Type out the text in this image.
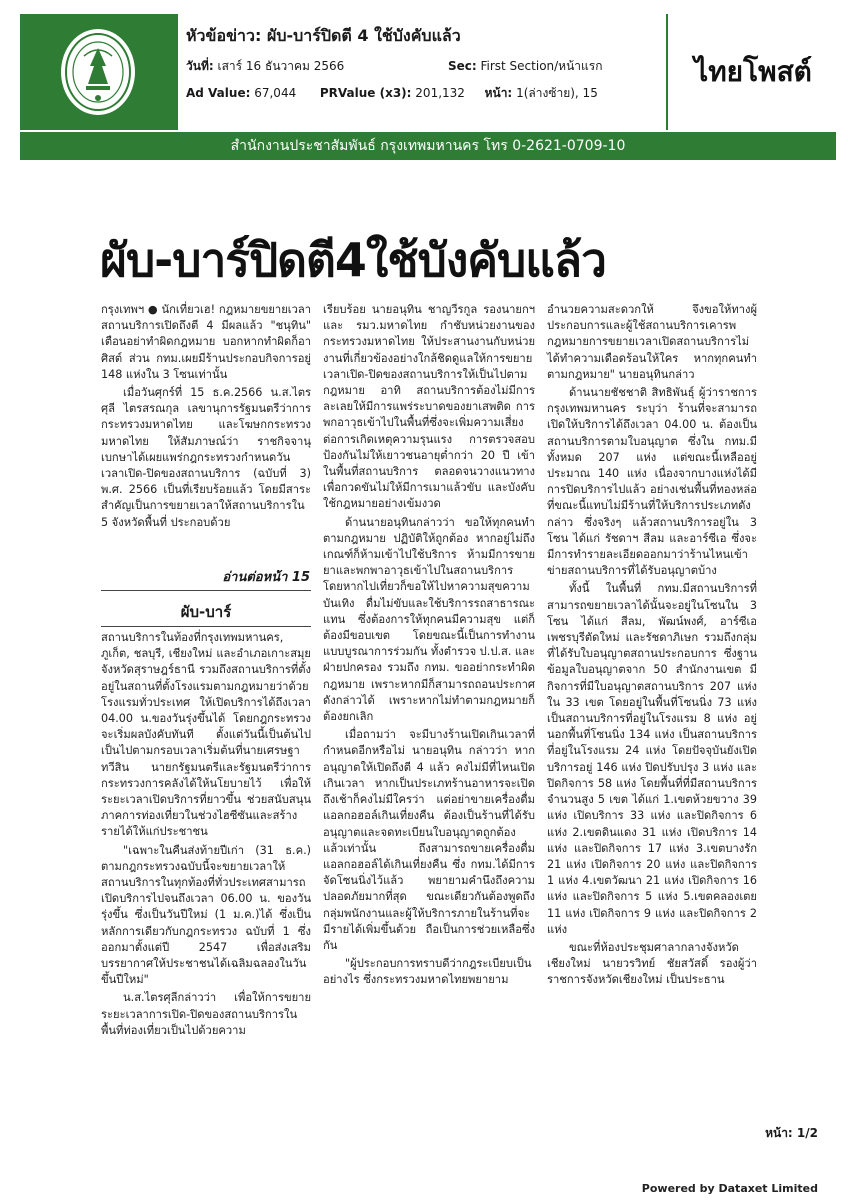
หัวข้อข่าว: ผับ-บาร์ปิดตี 4 ใช้บังคับแล้ว
วันที่: เสาร์ 16 ธันวาคม 2566	Sec: First Section/หน้าแรก
Ad Value: 67,044 PRValue (x3): 201,132 หน้า: 1(ล่างซ้าย), 15
ไทยโพสต์
สำนักงานประชาสัมพันธ์ กรุงเทพมหานคร โทร 0-2621-0709-10
ผับ-บาร์ปิดตี4ใช้บังคับแล้ว

กรุงเทพฯ ● นักเที่ยวเฮ! กฎหมายขยายเวลาสถานบริการเปิดถึงตี 4 มีผลแล้ว "ชนุทิน" เตือนอย่าทำผิดกฎหมาย บอกหากทำผิดก็อาศิสต์ ส่วน กทม.เผยมีร้านประกอบกิจการอยู่ 148 แห่งใน 3 โซนเท่านั้น

เมื่อวันศุกร์ที่ 15 ธ.ค.2566 น.ส.ไตรศุลี ไตรสรณกุล เลขานุการรัฐมนตรีว่าการกระทรวงมหาดไทย และโฆษกกระทรวงมหาดไทย ให้สัมภาษณ์ว่า ราชกิจจานุเบกษาได้เผยแพร่กฎกระทรวงกำหนดวันเวลาเปิด-ปิดของสถานบริการ (ฉบับที่ 3) พ.ศ. 2566 เป็นที่เรียบร้อยแล้ว โดยมีสาระสำคัญเป็นการขยายเวลาให้สถานบริการใน 5 จังหวัดพื้นที่ ประกอบด้วย

อ่านต่อหน้า 15
ผับ-บาร์

สถานบริการในท้องที่กรุงเทพมหานคร, ภูเก็ต, ชลบุรี, เชียงใหม่ และอำเภอเกาะสมุย จังหวัดสุราษฎร์ธานี รวมถึงสถานบริการที่ตั้งอยู่ในสถานที่ตั้งโรงแรมตามกฎหมายว่าด้วยโรงแรมทั่วประเทศ ให้เปิดบริการได้ถึงเวลา 04.00 น.ของวันรุ่งขึ้นได้ โดยกฎกระทรวงจะเริ่มผลบังคับทันที ตั้งแต่วันนี้เป็นต้นไป เป็นไปตามกรอบเวลาเริ่มต้นที่นายเศรษฐา ทวีสิน นายกรัฐมนตรีและรัฐมนตรีว่าการกระทรวงการคลังได้ให้นโยบายไว้ เพื่อให้ระยะเวลาเปิดบริการที่ยาวขึ้น ช่วยสนับสนุนภาคการท่องเที่ยวในช่วงไฮซีซันและสร้างรายได้ให้แก่ประชาชน

"เฉพาะในคืนส่งท้ายปีเก่า (31 ธ.ค.) ตามกฎกระทรวงฉบับนี้จะขยายเวลาให้สถานบริการในทุกท้องที่ทั่วประเทศสามารถเปิดบริการไปจนถึงเวลา 06.00 น. ของวันรุ่งขึ้น ซึ่งเป็นวันปีใหม่ (1 ม.ค.)ได้ ซึ่งเป็นหลักการเดียวกับกฎกระทรวง ฉบับที่ 1 ซึ่งออกมาตั้งแต่ปี 2547 เพื่อส่งเสริมบรรยากาศให้ประชาชนได้เฉลิมฉลองในวันขึ้นปีใหม่"

น.ส.ไตรศุลีกล่าวว่า เพื่อให้การขยายระยะเวลาการเปิด-ปิดของสถานบริการในพื้นที่ท่องเที่ยวเป็นไปด้วยความ

เรียบร้อย นายอนุทิน ชาญวีรกูล รองนายกฯ และ รมว.มหาดไทย กำชับหน่วยงานของกระทรวงมหาดไทย ให้ประสานงานกับหน่วยงานที่เกี่ยวข้องอย่างใกล้ชิดดูแลให้การขยายเวลาเปิด-ปิดของสถานบริการให้เป็นไปตามกฎหมาย อาทิ สถานบริการต้องไม่มีการละเลยให้มีการแพร่ระบาดของยาเสพติด การพกอาวุธเข้าไปในพื้นที่ซึ่งจะเพิ่มความเสี่ยงต่อการเกิดเหตุความรุนแรง การตรวจสอบป้องกันไม่ให้เยาวชนอายุต่ำกว่า 20 ปี เข้าในพื้นที่สถานบริการ ตลอดจนวางแนวทางเพื่อกวดขันไม่ให้มีการเมาแล้วขับ และบังคับใช้กฎหมายอย่างเข้มงวด

ด้านนายอนุทินกล่าวว่า ขอให้ทุกคนทำตามกฎหมาย ปฏิบัติให้ถูกต้อง หากอยู่ไม่ถึงเกณฑ์ก็ห้ามเข้าไปใช้บริการ ห้ามมีการขายยาและพกพาอาวุธเข้าไปในสถานบริการ โดยหากไปเที่ยวก็ขอให้ไปหาความสุขความบันเทิง ดื่มไม่ขับและใช้บริการรถสาธารณะแทน ซึ่งต้องการให้ทุกคนมีความสุข แต่ก็ต้องมีขอบเขต โดยขณะนี้เป็นการทำงานแบบบูรณาการร่วมกัน ทั้งตำรวจ ป.ป.ส. และฝ่ายปกครอง รวมถึง กทม. ขออย่ากระทำผิดกฎหมาย เพราะหากมีก็สามารถถอนประกาศดังกล่าวได้ เพราะหากไม่ทำตามกฎหมายก็ต้องยกเลิก

เมื่อถามว่า จะมีบางร้านเปิดเกินเวลาที่กำหนดอีกหรือไม่ นายอนุทิน กล่าวว่า หากอนุญาตให้เปิดถึงตี 4 แล้ว คงไม่มีที่ไหนเปิดเกินเวลา หากเป็นประเภทร้านอาหารจะเปิดถึงเช้าก็คงไม่มีใครว่า แต่อย่าขายเครื่องดื่มแอลกอฮอล์เกินเที่ยงคืน ต้องเป็นร้านที่ได้รับอนุญาตและจดทะเบียนใบอนุญาตถูกต้องแล้วเท่านั้น ถึงสามารถขายเครื่องดื่มแอลกอฮอล์ได้เกินเที่ยงคืน ซึ่ง กทม.ได้มีการจัดโซนนิ่งไว้แล้ว พยายามคำนึงถึงความปลอดภัยมากที่สุด ขณะเดียวกันต้องพูดถึงกลุ่มพนักงานและผู้ให้บริการภายในร้านที่จะมีรายได้เพิ่มขึ้นด้วย ถือเป็นการช่วยเหลือซึ่งกัน

"ผู้ประกอบการทราบดีว่ากฎระเบียบเป็นอย่างไร ซึ่งกระทรวงมหาดไทยพยายาม

อำนวยความสะดวกให้ จึงขอให้ทางผู้ประกอบการและผู้ใช้สถานบริการเคารพกฎหมายการขยายเวลาเปิดสถานบริการไม่ได้ทำความเดือดร้อนให้ใคร หากทุกคนทำตามกฎหมาย" นายอนุทินกล่าว

ด้านนายชัชชาติ สิทธิพันธุ์ ผู้ว่าราชการกรุงเทพมหานคร ระบุว่า ร้านที่จะสามารถเปิดให้บริการได้ถึงเวลา 04.00 น. ต้องเป็นสถานบริการตามใบอนุญาต ซึ่งใน กทม.มีทั้งหมด 207 แห่ง แต่ขณะนี้เหลืออยู่ประมาณ 140 แห่ง เนื่องจากบางแห่งได้มีการปิดบริการไปแล้ว อย่างเช่นพื้นที่ทองหล่อ ที่ขณะนี้แทบไม่มีร้านที่ให้บริการประเภทดังกล่าว ซึ่งจริงๆ แล้วสถานบริการอยู่ใน 3 โซน ได้แก่ รัชดาฯ สีลม และอาร์ซีเอ ซึ่งจะมีการทำรายละเอียดออกมาว่าร้านไหนเข้าข่ายสถานบริการที่ได้รับอนุญาตบ้าง

ทั้งนี้ ในพื้นที่ กทม.มีสถานบริการที่สามารถขยายเวลาได้นั้นจะอยู่ในโซนใน 3 โซน ได้แก่ สีลม, พัฒน์พงศ์, อาร์ซีเอ เพชรบุรีตัดใหม่ และรัชดาภิเษก รวมถึงกลุ่มที่ได้รับใบอนุญาตสถานประกอบการ ซึ่งฐานข้อมูลใบอนุญาตจาก 50 สำนักงานเขต มีกิจการที่มีใบอนุญาตสถานบริการ 207 แห่งใน 33 เขต โดยอยู่ในพื้นที่โซนนิ่ง 73 แห่ง เป็นสถานบริการที่อยู่ในโรงแรม 8 แห่ง อยู่นอกพื้นที่โซนนิ่ง 134 แห่ง เป็นสถานบริการที่อยู่ในโรงแรม 24 แห่ง โดยปัจจุบันยังเปิดบริการอยู่ 146 แห่ง ปิดปรับปรุง 3 แห่ง และปิดกิจการ 58 แห่ง โดยพื้นที่ที่มีสถานบริการจำนวนสูง 5 เขต ได้แก่ 1.เขตห้วยขวาง 39 แห่ง เปิดบริการ 33 แห่ง และปิดกิจการ 6 แห่ง 2.เขตดินแดง 31 แห่ง เปิดบริการ 14 แห่ง และปิดกิจการ 17 แห่ง 3.เขตบางรัก 21 แห่ง เปิดกิจการ 20 แห่ง และปิดกิจการ 1 แห่ง 4.เขตวัฒนา 21 แห่ง เปิดกิจการ 16 แห่ง และปิดกิจการ 5 แห่ง 5.เขตคลองเตย 11 แห่ง เปิดกิจการ 9 แห่ง และปิดกิจการ 2 แห่ง

ขณะที่ห้องประชุมศาลากลางจังหวัดเชียงใหม่ นายวรวิทย์ ชัยสวัสดิ์ รองผู้ว่าราชการจังหวัดเชียงใหม่ เป็นประธาน

หน้า: 1/2
Powered by Dataxet Limited
